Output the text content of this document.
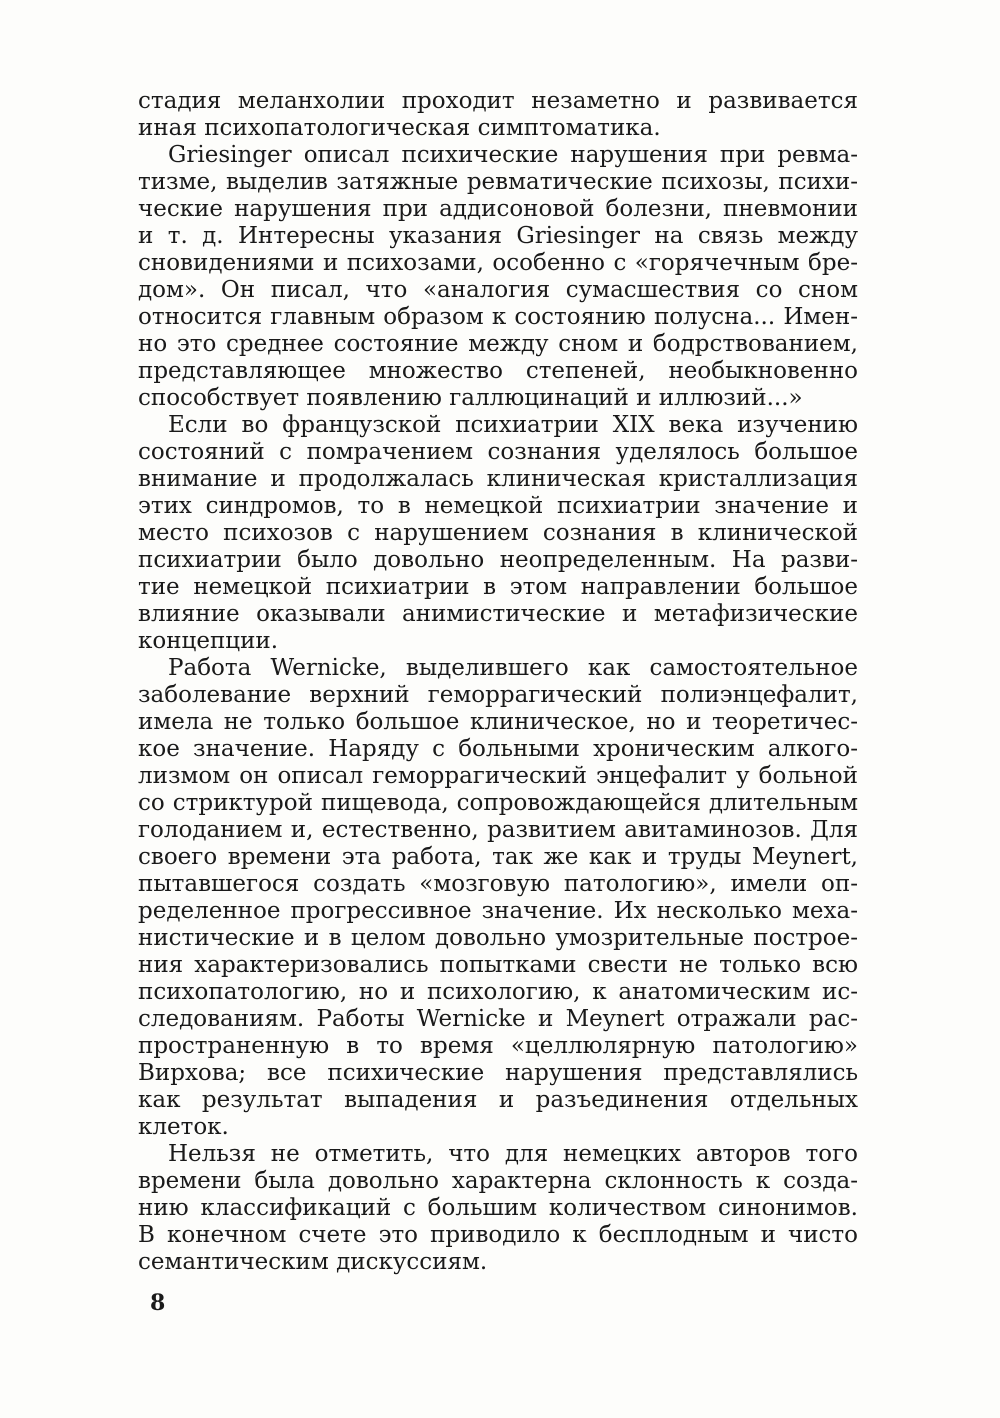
стадия меланхолии проходит незаметно и развивается
иная психопатологическая симптоматика.
Griesinger описал психические нарушения при ревма-
тизме, выделив затяжные ревматические психозы, психи-
ческие нарушения при аддисоновой болезни, пневмонии
и т. д. Интересны указания Griesinger на связь между
сновидениями и психозами, особенно с «горячечным бре-
дом». Он писал, что «аналогия сумасшествия со сном
относится главным образом к состоянию полусна... Имен-
но это среднее состояние между сном и бодрствованием,
представляющее множество степеней, необыкновенно
способствует появлению галлюцинаций и иллюзий...»
Если во французской психиатрии XIX века изучению
состояний с помрачением сознания уделялось большое
внимание и продолжалась клиническая кристаллизация
этих синдромов, то в немецкой психиатрии значение и
место психозов с нарушением сознания в клинической
психиатрии было довольно неопределенным. На разви-
тие немецкой психиатрии в этом направлении большое
влияние оказывали анимистические и метафизические
концепции.
Работа Wernicke, выделившего как самостоятельное
заболевание верхний геморрагический полиэнцефалит,
имела не только большое клиническое, но и теоретичес-
кое значение. Наряду с больными хроническим алкого-
лизмом он описал геморрагический энцефалит у больной
со стриктурой пищевода, сопровождающейся длительным
голоданием и, естественно, развитием авитаминозов. Для
своего времени эта работа, так же как и труды Meynert,
пытавшегося создать «мозговую патологию», имели оп-
ределенное прогрессивное значение. Их несколько меха-
нистические и в целом довольно умозрительные построе-
ния характеризовались попытками свести не только всю
психопатологию, но и психологию, к анатомическим ис-
следованиям. Работы Wernicke и Meynert отражали рас-
пространенную в то время «целлюлярную патологию»
Вирхова; все психические нарушения представлялись
как результат выпадения и разъединения отдельных
клеток.
Нельзя не отметить, что для немецких авторов того
времени была довольно характерна склонность к созда-
нию классификаций с большим количеством синонимов.
В конечном счете это приводило к бесплодным и чисто
семантическим дискуссиям.
8
